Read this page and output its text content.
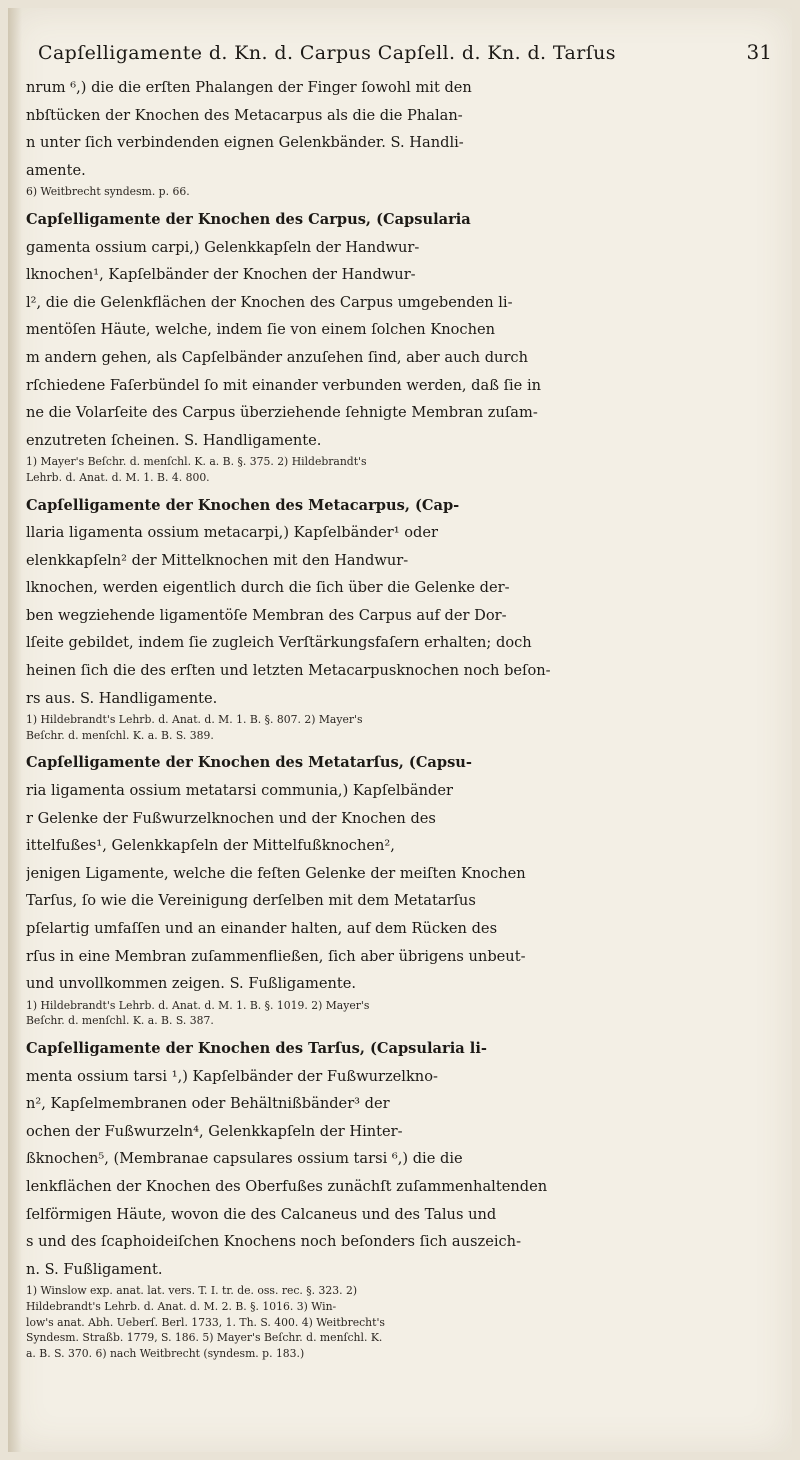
Capſelligamente d. Kn. d. Carpus Capſell. d. Kn. d. Tarſus	31
nrum ⁶,) die die erſten Phalangen der Finger ſowohl mit den
nbſtücken der Knochen des Metacarpus als die die Phalan-
n unter ſich verbindenden eignen Gelenkbänder. S. Handli-
amente.
6) Weitbrecht syndesm. p. 66.
Capſelligamente der Knochen des Carpus, (Capsularia
gamenta ossium carpi,) Gelenkkapſeln der Handwur-
lknochen¹, Kapſelbänder der Knochen der Handwur-
l², die die Gelenkflächen der Knochen des Carpus umgebenden li-
mentöſen Häute, welche, indem ſie von einem ſolchen Knochen
m andern gehen, als Capſelbänder anzuſehen ſind, aber auch durch
rſchiedene Faſerbündel ſo mit einander verbunden werden, daß ſie in
ne die Volarſeite des Carpus überziehende ſehnigte Membran zuſam-
enzutreten ſcheinen. S. Handligamente.
1) Mayer's Beſchr. d. menſchl. K. a. B. §. 375. 2) Hildebrandt's
Lehrb. d. Anat. d. M. 1. B. 4. 800.
Capſelligamente der Knochen des Metacarpus, (Cap-
llaria ligamenta ossium metacarpi,) Kapſelbänder¹ oder
elenkkapſeln² der Mittelknochen mit den Handwur-
lknochen, werden eigentlich durch die ſich über die Gelenke der-
ben wegziehende ligamentöſe Membran des Carpus auf der Dor-
lſeite gebildet, indem ſie zugleich Verſtärkungsfaſern erhalten; doch
heinen ſich die des erſten und letzten Metacarpusknochen noch beſon-
rs aus. S. Handligamente.
1) Hildebrandt's Lehrb. d. Anat. d. M. 1. B. §. 807. 2) Mayer's
Beſchr. d. menſchl. K. a. B. S. 389.
Capſelligamente der Knochen des Metatarſus, (Capsu-
ria ligamenta ossium metatarsi communia,) Kapſelbänder
r Gelenke der Fußwurzelknochen und der Knochen des
ittelfußes¹, Gelenkkapſeln der Mittelfußknochen²,
jenigen Ligamente, welche die feſten Gelenke der meiſten Knochen
Tarſus, ſo wie die Vereinigung derſelben mit dem Metatarſus
pſelartig umfaſſen und an einander halten, auf dem Rücken des
rſus in eine Membran zuſammenfließen, ſich aber übrigens unbeut-
und unvollkommen zeigen. S. Fußligamente.
1) Hildebrandt's Lehrb. d. Anat. d. M. 1. B. §. 1019. 2) Mayer's
Beſchr. d. menſchl. K. a. B. S. 387.
Capſelligamente der Knochen des Tarſus, (Capsularia li-
menta ossium tarsi ¹,) Kapſelbänder der Fußwurzelkno-
n², Kapſelmembranen oder Behältnißbänder³ der
ochen der Fußwurzeln⁴, Gelenkkapſeln der Hinter-
ßknochen⁵, (Membranae capsulares ossium tarsi ⁶,) die die
lenkflächen der Knochen des Oberfußes zunächſt zuſammenhaltenden
ſelförmigen Häute, wovon die des Calcaneus und des Talus und
s und des ſcaphoideiſchen Knochens noch beſonders ſich auszeich-
n. S. Fußligament.
1) Winslow exp. anat. lat. vers. T. I. tr. de. oss. rec. §. 323. 2)
Hildebrandt's Lehrb. d. Anat. d. M. 2. B. §. 1016. 3) Win-
low's anat. Abh. Ueberſ. Berl. 1733, 1. Th. S. 400. 4) Weitbrecht's
Syndesm. Straßb. 1779, S. 186. 5) Mayer's Beſchr. d. menſchl. K.
a. B. S. 370. 6) nach Weitbrecht (syndesm. p. 183.)
